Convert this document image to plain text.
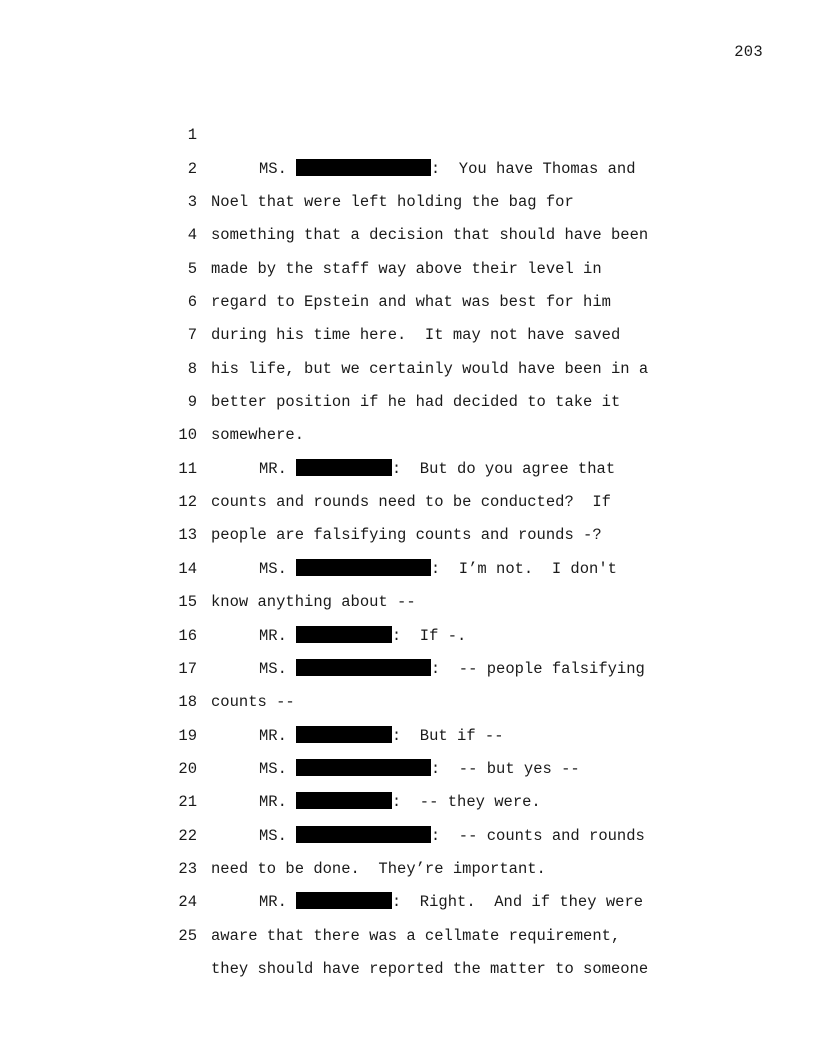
203

1

MS.	:  You have Thomas and

2

Noel that were left holding the bag for

3

something that a decision that should have been

4

made by the staff way above their level in

5

regard to Epstein and what was best for him

6

during his time here.  It may not have saved

7

his life, but we certainly would have been in a

8

better position if he had decided to take it

9

somewhere.

10

MR.	:  But do you agree that

11

counts and rounds need to be conducted?  If

12

people are falsifying counts and rounds -?

13

MS.	:  I’m not.  I don't

14

know anything about --

15

MR.	:  If -.

16

MS.	:  -- people falsifying

17

counts --

18

MR.	:  But if --

19

MS.	:  -- but yes --

20

MR.	:  -- they were.

21

MS.	:  -- counts and rounds

22

need to be done.  They’re important.

23

MR.	:  Right.  And if they were

24

aware that there was a cellmate requirement,

25

they should have reported the matter to someone
